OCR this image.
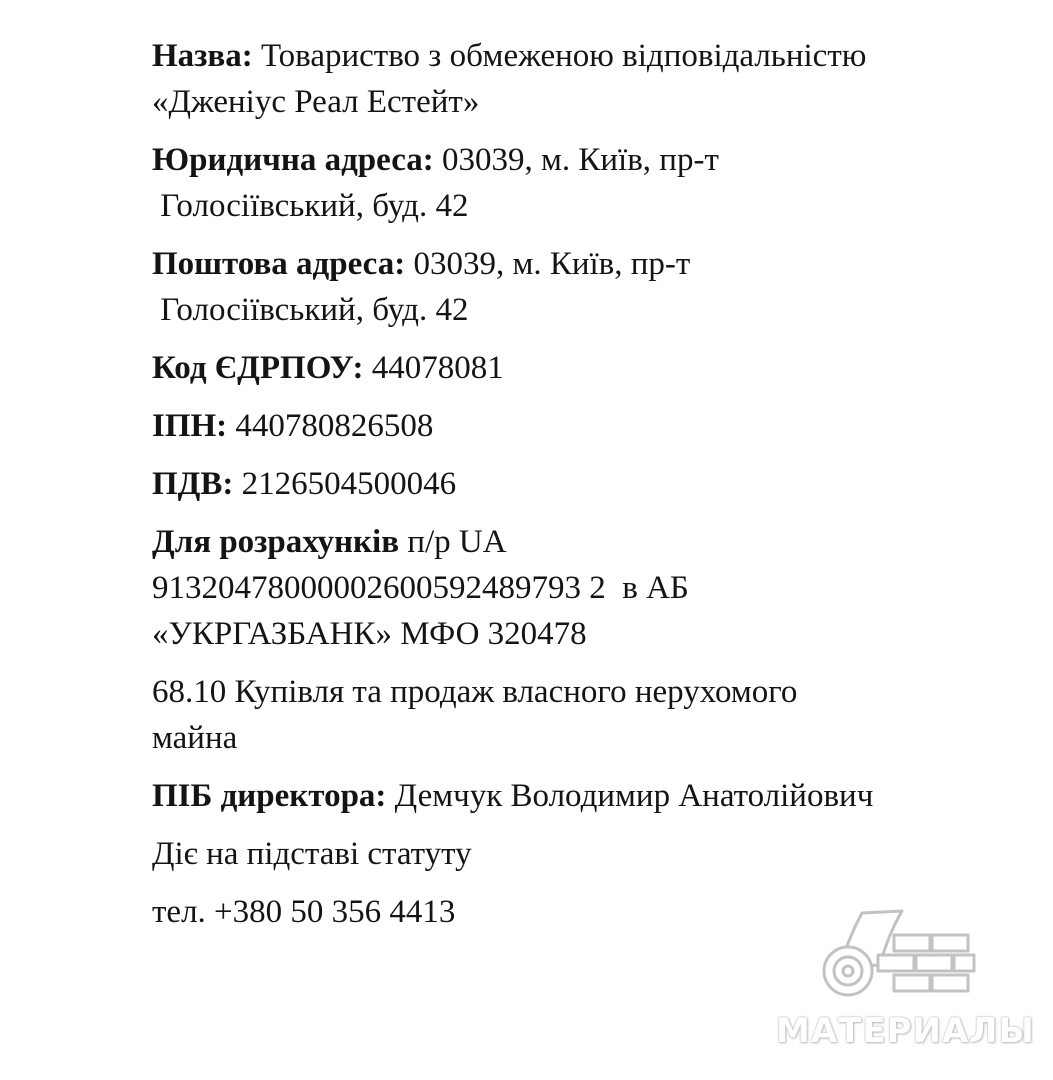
Назва: Товариство з обмеженою відповідальністю
«Дженіус Реал Естейт»

Юридична адреса: 03039, м. Київ, пр-т
Голосіївський, буд. 42

Поштова адреса: 03039, м. Київ, пр-т
Голосіївський, буд. 42

Код ЄДРПОУ: 44078081

ІПН: 440780826508

ПДВ: 2126504500046

Для розрахунків п/р UA
91320478000002600592489793 2  в АБ
«УКРГАЗБАНК» МФО 320478

68.10 Купівля та продаж власного нерухомого
майна

ПІБ директора: Демчук Володимир Анатолійович

Діє на підставі статуту

тел. +380 50 356 4413

МАТЕРИАЛЫ
